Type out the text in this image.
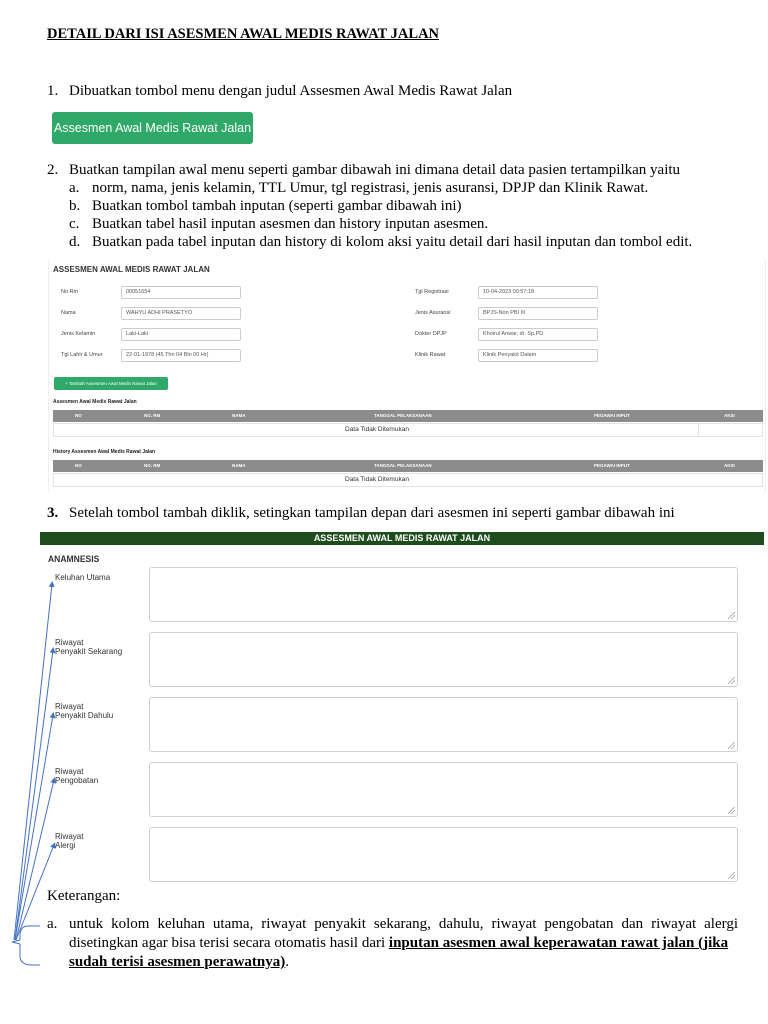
DETAIL DARI ISI ASESMEN AWAL MEDIS RAWAT JALAN
1. Dibuatkan tombol menu dengan judul Assesmen Awal Medis Rawat Jalan
Assesmen Awal Medis Rawat Jalan
2. Buatkan tampilan awal menu seperti gambar dibawah ini dimana detail data pasien tertampilkan yaitu
a. norm, nama, jenis kelamin, TTL Umur, tgl registrasi, jenis asuransi, DPJP dan Klinik Rawat.
b. Buatkan tombol tambah inputan (seperti gambar dibawah ini)
c. Buatkan tabel hasil inputan asesmen dan history inputan asesmen.
d. Buatkan pada tabel inputan dan history di kolom aksi yaitu detail dari hasil inputan dan tombol edit.
ASSESMEN AWAL MEDIS RAWAT JALAN
No Rm	00051654
Nama	WAHYU ADHI PRASETYO
Jenis Kelamin	Laki-Laki
Tgl Lahir & Umur	22-01-1978 (45 Thn 04 Bln 00 Hr)
Tgl Registrasi	10-04-2023 00:57:18
Jenis Asuransi	BPJS-Non PBI III
Dokter DPJP	Khoirul Anwar, dr. Sp.PD
Klinik Rawat	Klinik Penyakit Dalam
+ Tambah Assesmen Awal Medis Rawat Jalan
Assesmen Awal Medis Rawat Jalan
NO	NO. RM	NAMA	TANGGAL PELAKSANAAN	PEGAWAI INPUT	AKSI
Data Tidak Ditemukan
History Assesmen Awal Medis Rawat Jalan
NO	NO. RM	NAMA	TANGGAL PELAKSANAAN	PEGAWAI INPUT	AKSI
Data Tidak Ditemukan
3. Setelah tombol tambah diklik, setingkan tampilan depan dari asesmen ini seperti gambar dibawah ini
ASSESMEN AWAL MEDIS RAWAT JALAN
ANAMNESIS
Keluhan Utama
Riwayat
Penyakit Sekarang
Riwayat
Penyakit Dahulu
Riwayat
Pengobatan
Riwayat
Alergi
Keterangan:
a. untuk kolom keluhan utama, riwayat penyakit sekarang, dahulu, riwayat pengobatan dan riwayat alergi
disetingkan agar bisa terisi secara otomatis hasil dari inputan asesmen awal keperawatan rawat jalan (jika
sudah terisi asesmen perawatnya).
